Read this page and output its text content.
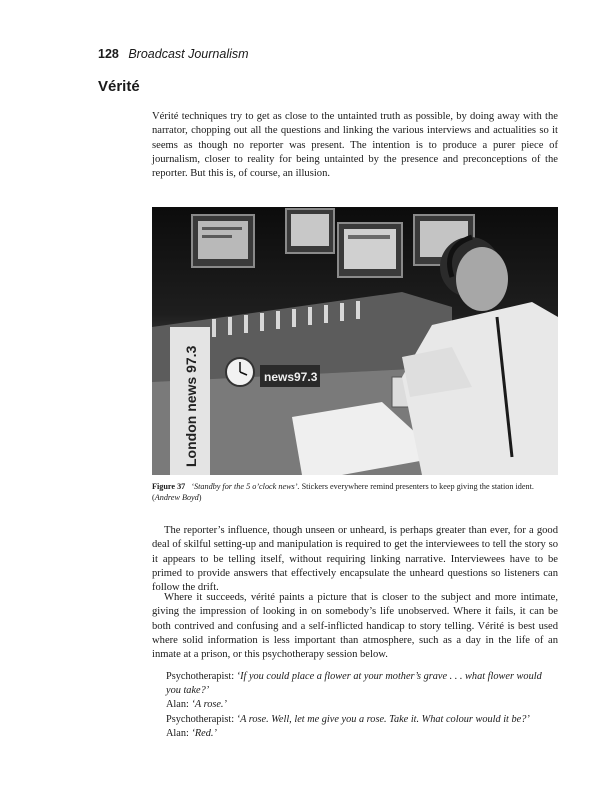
128 Broadcast Journalism
Vérité

Vérité techniques try to get as close to the untainted truth as possible, by doing away with the narrator, chopping out all the questions and linking the various interviews and actualities so it seems as though no reporter was present. The intention is to produce a purer piece of journalism, closer to reality for being untainted by the presence and preconceptions of the reporter. But this is, of course, an illusion.

London news 97.3	news97.3

Figure 37 ‘Standby for the 5 o’clock news’. Stickers everywhere remind presenters to keep giving the station ident. (Andrew Boyd)

The reporter’s influence, though unseen or unheard, is perhaps greater than ever, for a good deal of skilful setting-up and manipulation is required to get the interviewees to tell the story so it appears to be telling itself, without requiring linking narrative. Interviewees have to be primed to provide answers that effectively encapsulate the unheard questions so listeners can follow the drift.

Where it succeeds, vérité paints a picture that is closer to the subject and more intimate, giving the impression of looking in on somebody’s life unobserved. Where it fails, it can be both contrived and confusing and a self-inflicted handicap to story telling. Vérité is best used where solid information is less important than atmosphere, such as a day in the life of an inmate at a prison, or this psychotherapy session below.

Psychotherapist: ‘If you could place a flower at your mother’s grave . . . what flower would you take?’

Alan: ‘A rose.’

Psychotherapist: ‘A rose. Well, let me give you a rose. Take it. What colour would it be?’

Alan: ‘Red.’
